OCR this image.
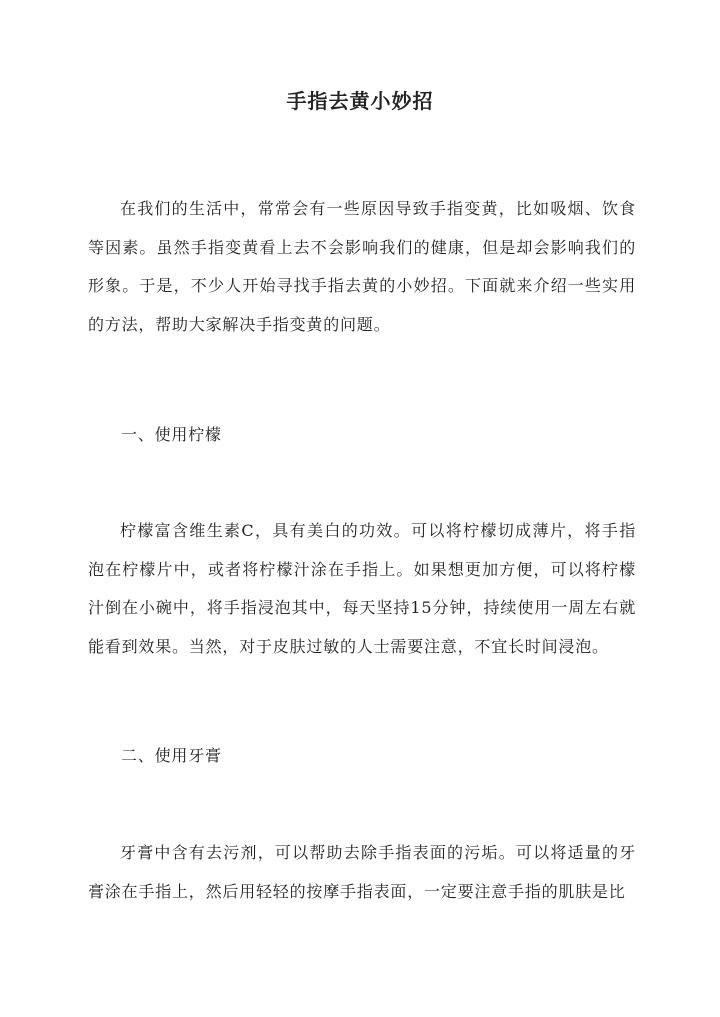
手指去黄小妙招

在我们的生活中，常常会有一些原因导致手指变黄，比如吸烟、饮食等因素。虽然手指变黄看上去不会影响我们的健康，但是却会影响我们的形象。于是，不少人开始寻找手指去黄的小妙招。下面就来介绍一些实用的方法，帮助大家解决手指变黄的问题。

一、使用柠檬

柠檬富含维生素C，具有美白的功效。可以将柠檬切成薄片，将手指泡在柠檬片中，或者将柠檬汁涂在手指上。如果想更加方便，可以将柠檬汁倒在小碗中，将手指浸泡其中，每天坚持15分钟，持续使用一周左右就能看到效果。当然，对于皮肤过敏的人士需要注意，不宜长时间浸泡。

二、使用牙膏

牙膏中含有去污剂，可以帮助去除手指表面的污垢。可以将适量的牙膏涂在手指上，然后用轻轻的按摩手指表面，一定要注意手指的肌肤是比
